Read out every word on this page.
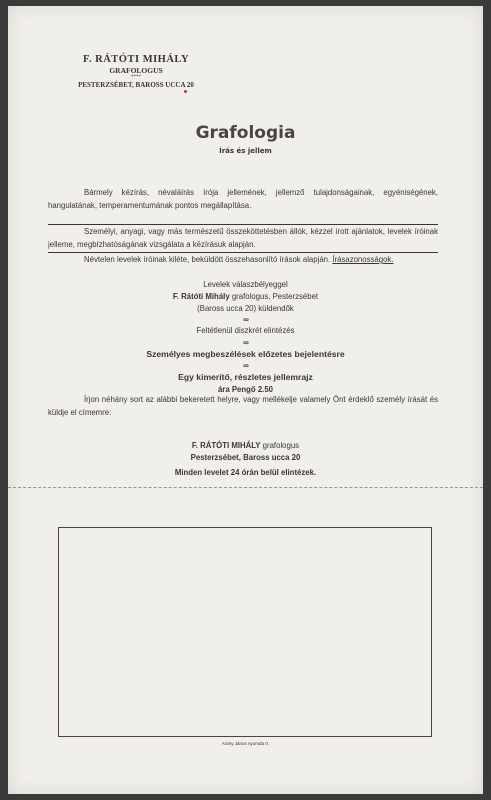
F. RÁTÓTI MIHÁLY
GRAFOLOGUS
****
PESTERZSÉBET, BAROSS UCCA 20
Grafologia
Írás és jellem
Bármely kézírás, névaláírás írója jellemének, jellemző tulajdonságainak, egyéniségének, hangulatának, temperamentumának pontos megállapítása.
Személyi, anyagi, vagy más természetű összeköttetésben állók, kézzel írott ajánlatok, levelek íróinak jelleme, megbízhatóságának vizsgálata a kézírásuk alapján.
Névtelen levelek íróinak kiléte, beküldött összehasonlító írások alapján. Írásazonosságok.
Levelek válaszbélyeggel
F. Rátóti Mihály grafologus, Pesterzsébet
(Baross ucca 20) küldendők
∞
Feltétlenül diszkrét elintézés
∞
Személyes megbeszélések előzetes bejelentésre
∞
Egy kimerítő, részletes jellemrajz
ára Pengő 2.50
Írjon néhány sort az alábbi bekeretett helyre, vagy mellékelje valamely Önt érdeklő személy írását és küldje el címemre:
F. RÁTÓTI MIHÁLY grafologus
Pesterzsébet, Baross ucca 20
Minden levelet 24 órán belül elintézek.
Arany János nyomda rt.
